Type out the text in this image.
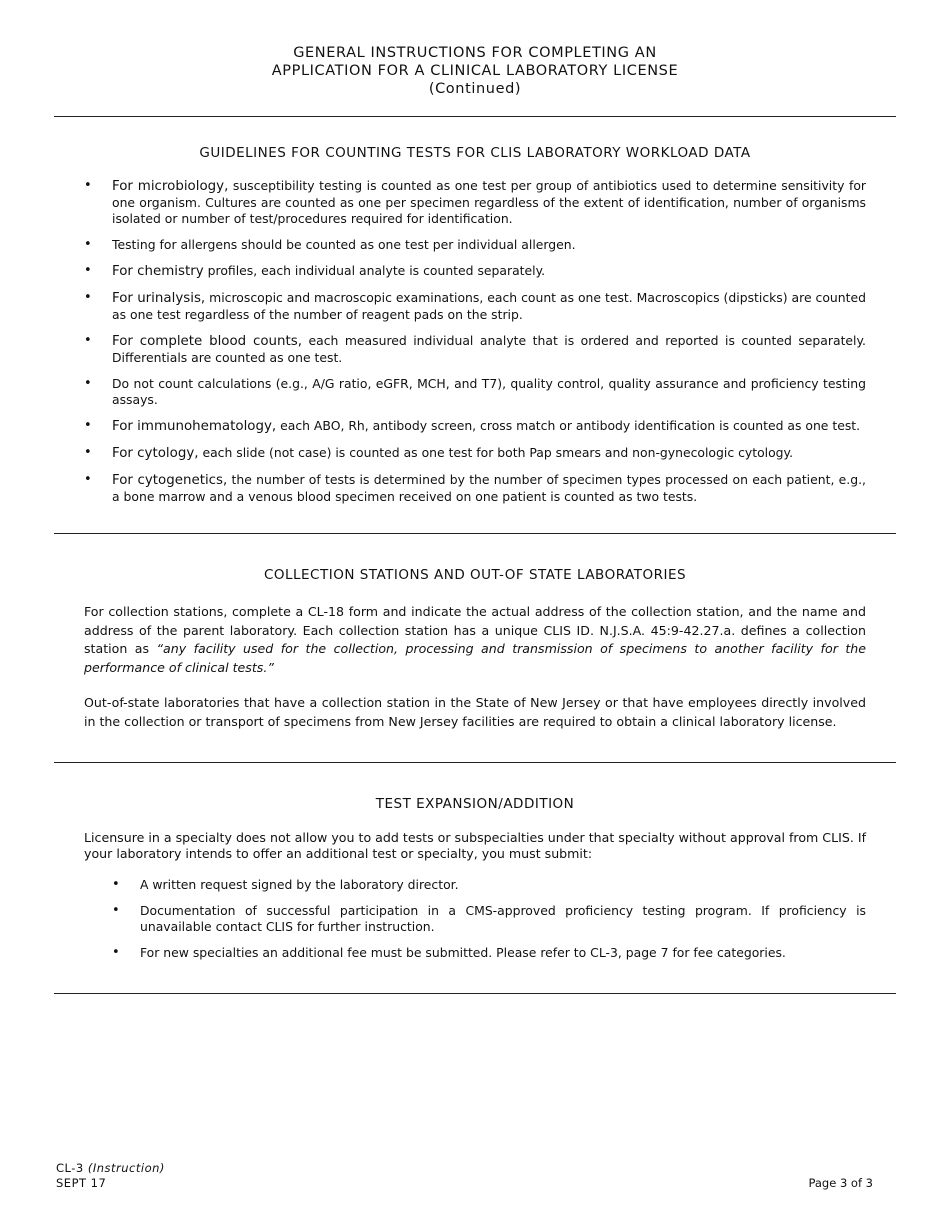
GENERAL INSTRUCTIONS FOR COMPLETING AN
APPLICATION FOR A CLINICAL LABORATORY LICENSE
(Continued)
GUIDELINES FOR COUNTING TESTS FOR CLIS LABORATORY WORKLOAD DATA
• For microbiology, susceptibility testing is counted as one test per group of antibiotics used to determine sensitivity for one organism. Cultures are counted as one per specimen regardless of the extent of identification, number of organisms isolated or number of test/procedures required for identification.
• Testing for allergens should be counted as one test per individual allergen.
• For chemistry profiles, each individual analyte is counted separately.
• For urinalysis, microscopic and macroscopic examinations, each count as one test. Macroscopics (dipsticks) are counted as one test regardless of the number of reagent pads on the strip.
• For complete blood counts, each measured individual analyte that is ordered and reported is counted separately. Differentials are counted as one test.
• Do not count calculations (e.g., A/G ratio, eGFR, MCH, and T7), quality control, quality assurance and proficiency testing assays.
• For immunohematology, each ABO, Rh, antibody screen, cross match or antibody identification is counted as one test.
• For cytology, each slide (not case) is counted as one test for both Pap smears and non-gynecologic cytology.
• For cytogenetics, the number of tests is determined by the number of specimen types processed on each patient, e.g., a bone marrow and a venous blood specimen received on one patient is counted as two tests.
COLLECTION STATIONS AND OUT-OF STATE LABORATORIES

For collection stations, complete a CL-18 form and indicate the actual address of the collection station, and the name and address of the parent laboratory. Each collection station has a unique CLIS ID. N.J.S.A. 45:9-42.27.a. defines a collection station as “any facility used for the collection, processing and transmission of specimens to another facility for the performance of clinical tests.”

Out-of-state laboratories that have a collection station in the State of New Jersey or that have employees directly involved in the collection or transport of specimens from New Jersey facilities are required to obtain a clinical laboratory license.

TEST EXPANSION/ADDITION

Licensure in a specialty does not allow you to add tests or subspecialties under that specialty without approval from CLIS. If your laboratory intends to offer an additional test or specialty, you must submit:

• A written request signed by the laboratory director.
• Documentation of successful participation in a CMS-approved proficiency testing program. If proficiency is unavailable contact CLIS for further instruction.
• For new specialties an additional fee must be submitted. Please refer to CL-3, page 7 for fee categories.
CL-3 (Instruction)
SEPT 17	Page 3 of 3
